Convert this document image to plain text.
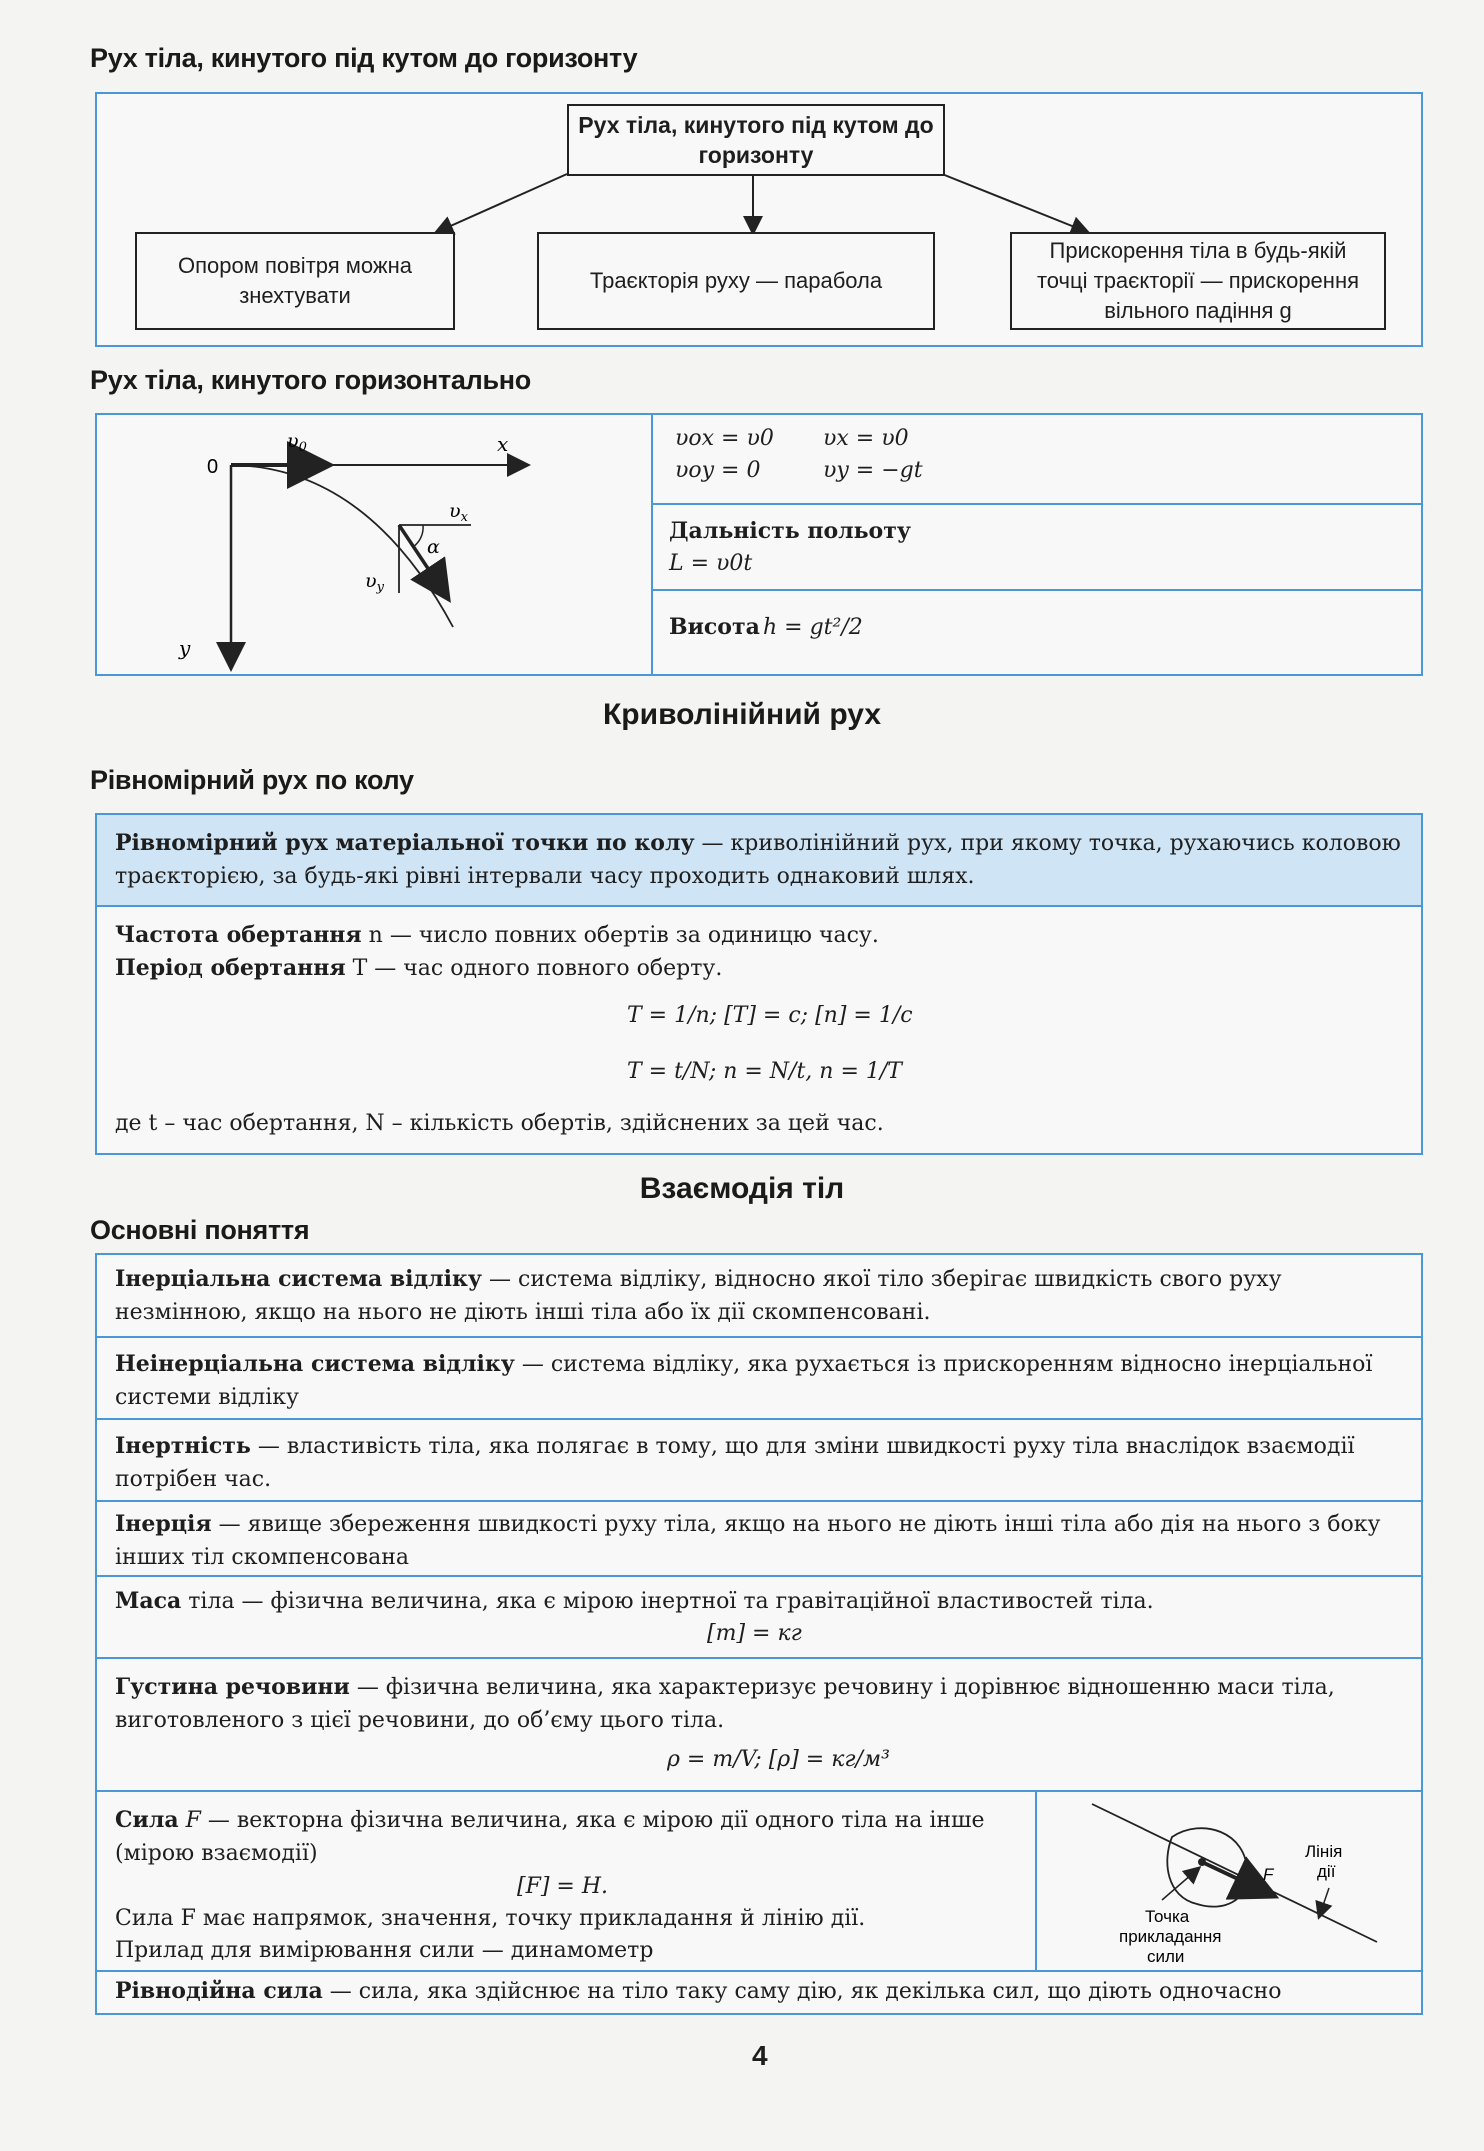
Рух тіла, кинутого під кутом до горизонту
Рух тіла, кинутого під кутом до горизонту
Опором повітря можна знехтувати
Траєкторія руху — парабола
Прискорення тіла в будь-якій точці траєкторії — прискорення вільного падіння g
Рух тіла, кинутого горизонтально
0
$\upsilon_0$	x
y
$\upsilon_x$
$\upsilon_y$
α
υox = υ0
υoy = 0
υx = υ0
υy = −gt
Дальність польоту
L = υ0t
Висота h = gt²/2
Криволінійний рух
Рівномірний рух по колу
Рівномірний рух матеріальної точки по колу — криволінійний рух, при якому точка, рухаючись коловою траєкторією, за будь-які рівні інтервали часу проходить однаковий шлях.
Частота обертання n — число повних обертів за одиницю часу.
Період обертання T — час одного повного оберту.
T = 1/n; [T] = c; [n] = 1/c
T = t/N; n = N/t, n = 1/T
де t – час обертання, N – кількість обертів, здійснених за цей час.
Взаємодія тіл
Основні поняття
Інерціальна система відліку — система відліку, відносно якої тіло зберігає швидкість свого руху незмінною, якщо на нього не діють інші тіла або їх дії скомпенсовані.
Неінерціальна система відліку — система відліку, яка рухається із прискоренням відносно інерціальної системи відліку
Інертність — властивість тіла, яка полягає в тому, що для зміни швидкості руху тіла внаслідок взаємодії потрібен час.
Інерція — явище збереження швидкості руху тіла, якщо на нього не діють інші тіла або дія на нього з боку інших тіл скомпенсована
Маса тіла — фізична величина, яка є мірою інертної та гравітаційної властивостей тіла.
[m] = кг
Густина речовини — фізична величина, яка характеризує речовину і дорівнює відношенню маси тіла, виготовленого з цієї речовини, до об’єму цього тіла.
ρ = m/V; [ρ] = кг/м³
Сила F — векторна фізична величина, яка є мірою дії одного тіла на інше (мірою взаємодії)
[F] = Н.
Сила F має напрямок, значення, точку прикладання й лінію дії.
Прилад для вимірювання сили — динамометр
F
Лінія
дії
Точка
прикладання
сили
Рівнодійна сила — сила, яка здійснює на тіло таку саму дію, як декілька сил, що діють одночасно
4
